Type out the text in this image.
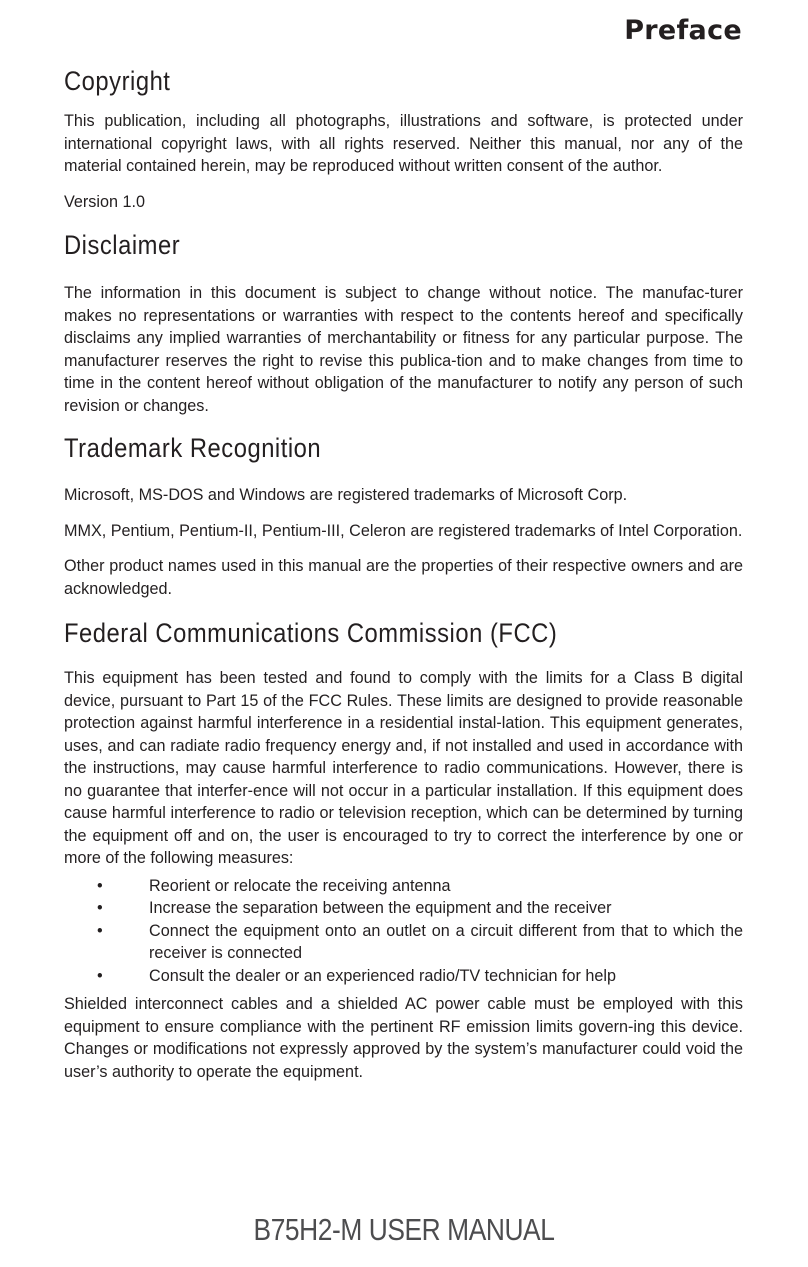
Preface
Copyright

This publication, including all photographs, illustrations and software, is protected under international copyright laws, with all rights reserved. Neither this manual, nor any of the material contained herein, may be reproduced without written consent of the author.

Version 1.0

Disclaimer

The information in this document is subject to change without notice. The manufac-turer makes no representations or warranties with respect to the contents hereof and specifically disclaims any implied warranties of merchantability or fitness for any particular purpose. The manufacturer reserves the right to revise this publica-tion and to make changes from time to time in the content hereof without obligation of the manufacturer to notify any person of such revision or changes.

Trademark Recognition

Microsoft, MS-DOS and Windows are registered trademarks of Microsoft Corp.

MMX, Pentium, Pentium-II, Pentium-III, Celeron are registered trademarks of Intel Corporation.

Other product names used in this manual are the properties of their respective owners and are acknowledged.

Federal Communications Commission (FCC)

This equipment has been tested and found to comply with the limits for a Class B digital device, pursuant to Part 15 of the FCC Rules. These limits are designed to provide reasonable protection against harmful interference in a residential instal-lation. This equipment generates, uses, and can radiate radio frequency energy and, if not installed and used in accordance with the instructions, may cause harmful interference to radio communications. However, there is no guarantee that interfer-ence will not occur in a particular installation. If this equipment does cause harmful interference to radio or television reception, which can be determined by turning the equipment off and on, the user is encouraged to try to correct the interference by one or more of the following measures:

•	Reorient or relocate the receiving antenna
•	Increase the separation between the equipment and the receiver
•	Connect the equipment onto an outlet on a circuit different from that to which the receiver is connected
•	Consult the dealer or an experienced radio/TV technician for help

Shielded interconnect cables and a shielded AC power cable must be employed with this equipment to ensure compliance with the pertinent RF emission limits govern-ing this device. Changes or modifications not expressly approved by the system’s manufacturer could void the user’s authority to operate the equipment.

B75H2-M USER MANUAL
